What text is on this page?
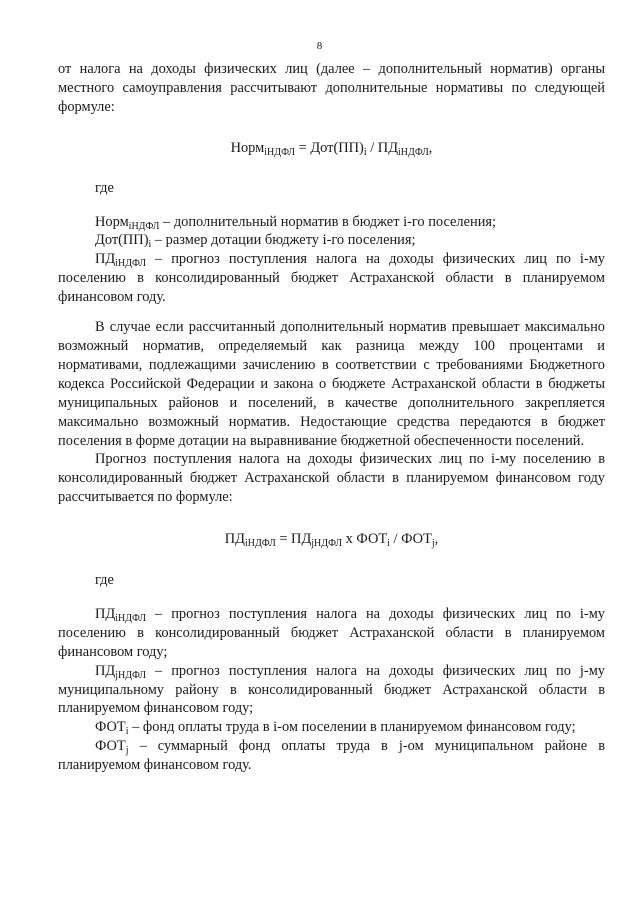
8

от налога на доходы физических лиц (далее – дополнительный норматив) органы местного самоуправления рассчитывают дополнительные нормативы по следующей формуле:

Норм$_{iНДФЛ}$ = $Дот(ПП)_i / ПД_{iНДФЛ}$,

где

Норм$_{iНДФЛ}$ – дополнительный норматив в бюджет i-го поселения;

$Дот(ПП)_i$ – размер дотации бюджету i-го поселения;

$ПД_{iНДФЛ}$ – прогноз поступления налога на доходы физических лиц по i-му поселению в консолидированный бюджет Астраханской области в планируемом финансовом году.

В случае если рассчитанный дополнительный норматив превышает максимально возможный норматив, определяемый как разница между 100 процентами и нормативами, подлежащими зачислению в соответствии с требованиями Бюджетного кодекса Российской Федерации и закона о бюджете Астраханской области в бюджеты муниципальных районов и поселений, в качестве дополнительного закрепляется максимально возможный норматив. Недостающие средства передаются в бюджет поселения в форме дотации на выравнивание бюджетной обеспеченности поселений.

Прогноз поступления налога на доходы физических лиц по i-му поселению в консолидированный бюджет Астраханской области в планируемом финансовом году рассчитывается по формуле:

$ПД_{iНДФЛ} = ПД_{jНДФЛ}$ х $ФОТ_i / ФОТ_j$,

где

$ПД_{iНДФЛ}$ – прогноз поступления налога на доходы физических лиц по i-му поселению в консолидированный бюджет Астраханской области в планируемом финансовом году;

$ПД_{jНДФЛ}$ – прогноз поступления налога на доходы физических лиц по j-му муниципальному району в консолидированный бюджет Астраханской области в планируемом финансовом году;

$ФОТ_i$ – фонд оплаты труда в i-ом поселении в планируемом финансовом году;

$ФОТ_j$ – суммарный фонд оплаты труда в j-ом муниципальном районе в планируемом финансовом году.
